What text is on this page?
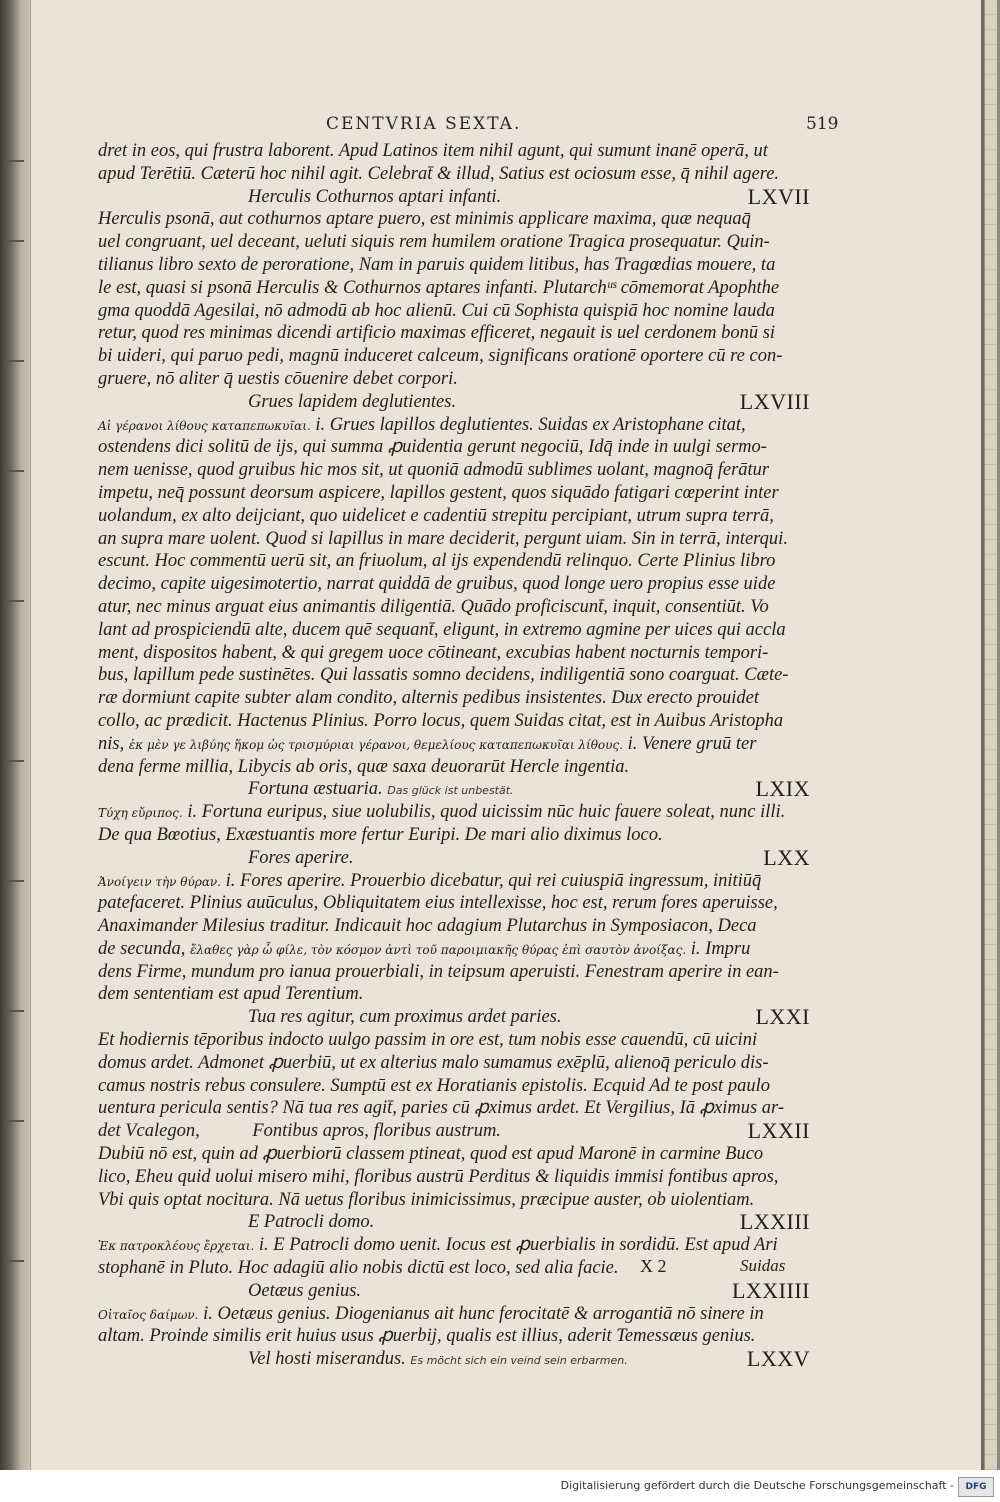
CENTVRIA SEXTA.	519
dret in eos, qui frustra laborent. Apud Latinos item nihil agunt, qui sumunt inanē operā, ut
apud Terētiū. Cæterū hoc nihil agit. Celebrat̄ & illud, Satius est ociosum esse, q̄ nihil agere.
Herculis Cothurnos aptari infanti.	LXVII
Herculis psonā, aut cothurnos aptare puero, est minimis applicare maxima, quæ nequaq̄
uel congruant, uel deceant, ueluti siquis rem humilem oratione Tragica prosequatur. Quin-
tilianus libro sexto de peroratione, Nam in paruis quidem litibus, has Tragœdias mouere, ta
le est, quasi si psonā Herculis & Cothurnos aptares infanti. Plutarchᵘˢ cōmemorat Apophthe
gma quoddā Agesilai, nō admodū ab hoc alienū. Cui cū Sophista quispiā hoc nomine lauda
retur, quod res minimas dicendi artificio maximas efficeret, negauit is uel cerdonem bonū si
bi uideri, qui paruo pedi, magnū induceret calceum, significans orationē oportere cū re con-
gruere, nō aliter q̄ uestis cōuenire debet corpori.
Grues lapidem deglutientes.	LXVIII
Αἱ γέρανοι λίθους καταπεπωκυῖαι. i. Grues lapillos deglutientes. Suidas ex Aristophane citat,
ostendens dici solitū de ijs, qui summa ꝓuidentia gerunt negociū, Idq̄ inde in uulgi sermo-
nem uenisse, quod gruibus hic mos sit, ut quoniā admodū sublimes uolant, magnoq̄ ferātur
impetu, neq̄ possunt deorsum aspicere, lapillos gestent, quos siquādo fatigari cœperint inter
uolandum, ex alto deijciant, quo uidelicet e cadentiū strepitu percipiant, utrum supra terrā,
an supra mare uolent. Quod si lapillus in mare deciderit, pergunt uiam. Sin in terrā, interqui.
escunt. Hoc commentū uerū sit, an friuolum, al ijs expendendū relinquo. Certe Plinius libro
decimo, capite uigesimotertio, narrat quiddā de gruibus, quod longe uero propius esse uide
atur, nec minus arguat eius animantis diligentiā. Quādo proficiscunt̄, inquit, consentiūt. Vo
lant ad prospiciendū alte, ducem quē sequant̄, eligunt, in extremo agmine per uices qui accla
ment, dispositos habent, & qui gregem uoce cōtineant, excubias habent nocturnis tempori-
bus, lapillum pede sustinētes. Qui lassatis somno decidens, indiligentiā sono coarguat. Cæte-
ræ dormiunt capite subter alam condito, alternis pedibus insistentes. Dux erecto prouidet
collo, ac prædicit. Hactenus Plinius. Porro locus, quem Suidas citat, est in Auibus Aristopha
nis, ἐκ μὲν γε λιβύης ἥκομ ὡς τρισμύριαι γέρανοι, θεμελίους καταπεπωκυῖαι λίθους. i. Venere gruū ter
dena ferme millia, Libycis ab oris, quæ saxa deuorarūt Hercle ingentia.
Fortuna æstuaria. Das glück ist unbestät.	LXIX
Τύχη εὔριπος. i. Fortuna euripus, siue uolubilis, quod uicissim nūc huic fauere soleat, nunc illi.
De qua Bœotius, Exæstuantis more fertur Euripi. De mari alio diximus loco.
Fores aperire.	LXX
Ἀνοίγειν τὴν θύραν. i. Fores aperire. Prouerbio dicebatur, qui rei cuiuspiā ingressum, initiūq̄
patefaceret. Plinius auūculus, Obliquitatem eius intellexisse, hoc est, rerum fores aperuisse,
Anaximander Milesius traditur. Indicauit hoc adagium Plutarchus in Symposiacon, Deca
de secunda, ἔλαθες γὰρ ὦ φίλε, τὸν κόσμον ἀντὶ τοῦ παροιμιακῆς θύρας ἐπὶ σαυτὸν ἀνοίξας. i. Impru
dens Firme, mundum pro ianua prouerbiali, in teipsum aperuisti. Fenestram aperire in ean-
dem sententiam est apud Terentium.
Tua res agitur, cum proximus ardet paries.	LXXI
Et hodiernis tēporibus indocto uulgo passim in ore est, tum nobis esse cauendū, cū uicini
domus ardet. Admonet ꝓuerbiū, ut ex alterius malo sumamus exēplū, alienoq̄ periculo dis-
camus nostris rebus consulere. Sumptū est ex Horatianis epistolis. Ecquid Ad te post paulo
uentura pericula sentis? Nā tua res agit̄, paries cū ꝓximus ardet. Et Vergilius, Iā ꝓximus ar-
det Vcalegon,	Fontibus apros, floribus austrum.	LXXII
Dubiū nō est, quin ad ꝓuerbiorū classem ptineat, quod est apud Maronē in carmine Buco
lico, Eheu quid uolui misero mihi, floribus austrū Perditus & liquidis immisi fontibus apros,
Vbi quis optat nocitura. Nā uetus floribus inimicissimus, præcipue auster, ob uiolentiam.
E Patrocli domo.	LXXIII
Ἐκ πατροκλέους ἔρχεται. i. E Patrocli domo uenit. Iocus est ꝓuerbialis in sordidū. Est apud Ari
stophanē in Pluto. Hoc adagiū alio nobis dictū est loco, sed alia facie.
Oetæus genius.	LXXIIII
Οἰταῖος δαίμων. i. Oetæus genius. Diogenianus ait hunc ferocitatē & arrogantiā nō sinere in
altam. Proinde similis erit huius usus ꝓuerbij, qualis est illius, aderit Temessæus genius.
Vel hosti miserandus. Es möcht sich ein veind sein erbarmen.	LXXV
X 2	Suidas
Digitalisierung gefördert durch die Deutsche Forschungsgemeinschaft -	DFG
